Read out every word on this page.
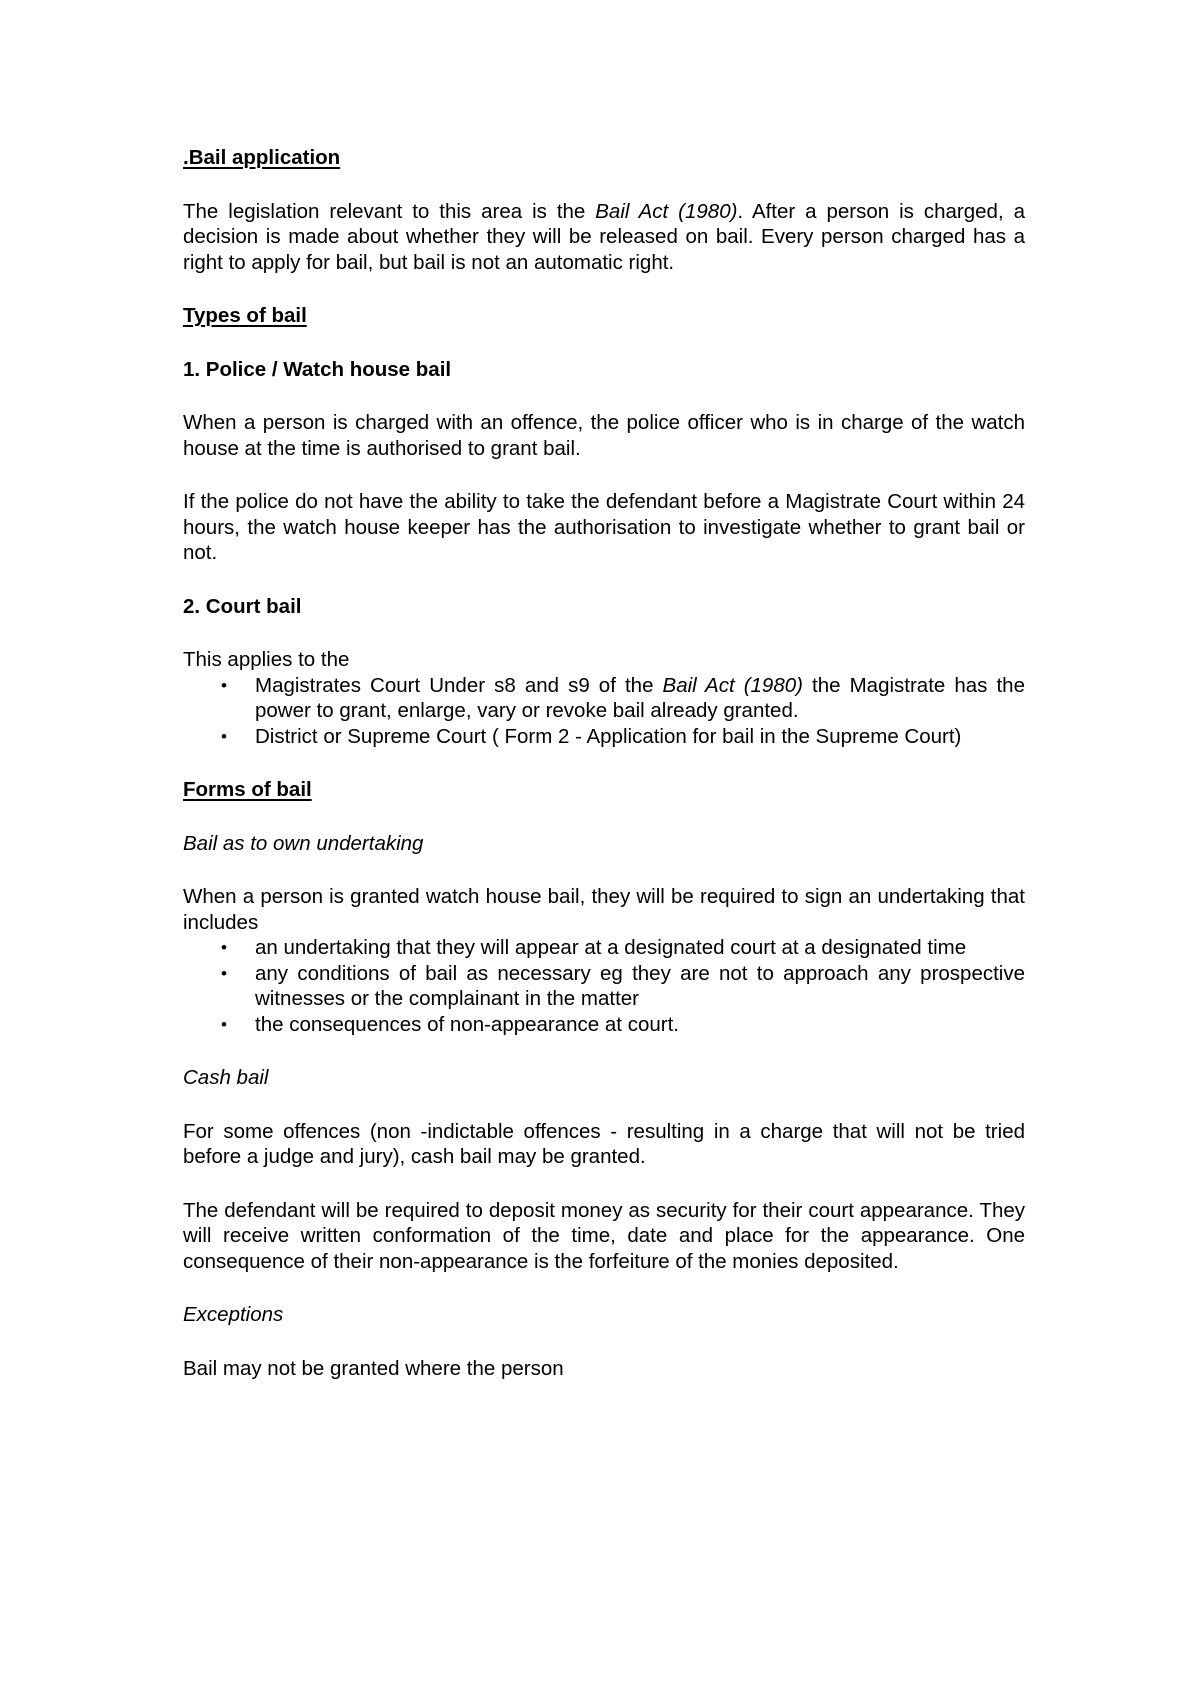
.Bail application

The legislation relevant to this area is the Bail Act (1980). After a person is charged, a decision is made about whether they will be released on bail. Every person charged has a right to apply for bail, but bail is not an automatic right.

Types of bail

1. Police / Watch house bail

When a person is charged with an offence, the police officer who is in charge of the watch house at the time is authorised to grant bail.

If the police do not have the ability to take the defendant before a Magistrate Court within 24 hours, the watch house keeper has the authorisation to investigate whether to grant bail or not.

2. Court bail

This applies to the

• Magistrates Court Under s8 and s9 of the Bail Act (1980) the Magistrate has the power to grant, enlarge, vary or revoke bail already granted.
• District or Supreme Court ( Form 2 - Application for bail in the Supreme Court)

Forms of bail

Bail as to own undertaking

When a person is granted watch house bail, they will be required to sign an undertaking that includes

• an undertaking that they will appear at a designated court at a designated time
• any conditions of bail as necessary eg they are not to approach any prospective witnesses or the complainant in the matter
• the consequences of non-appearance at court.

Cash bail

For some offences (non -indictable offences - resulting in a charge that will not be tried before a judge and jury), cash bail may be granted.

The defendant will be required to deposit money as security for their court appearance. They will receive written conformation of the time, date and place for the appearance. One consequence of their non-appearance is the forfeiture of the monies deposited.

Exceptions

Bail may not be granted where the person
